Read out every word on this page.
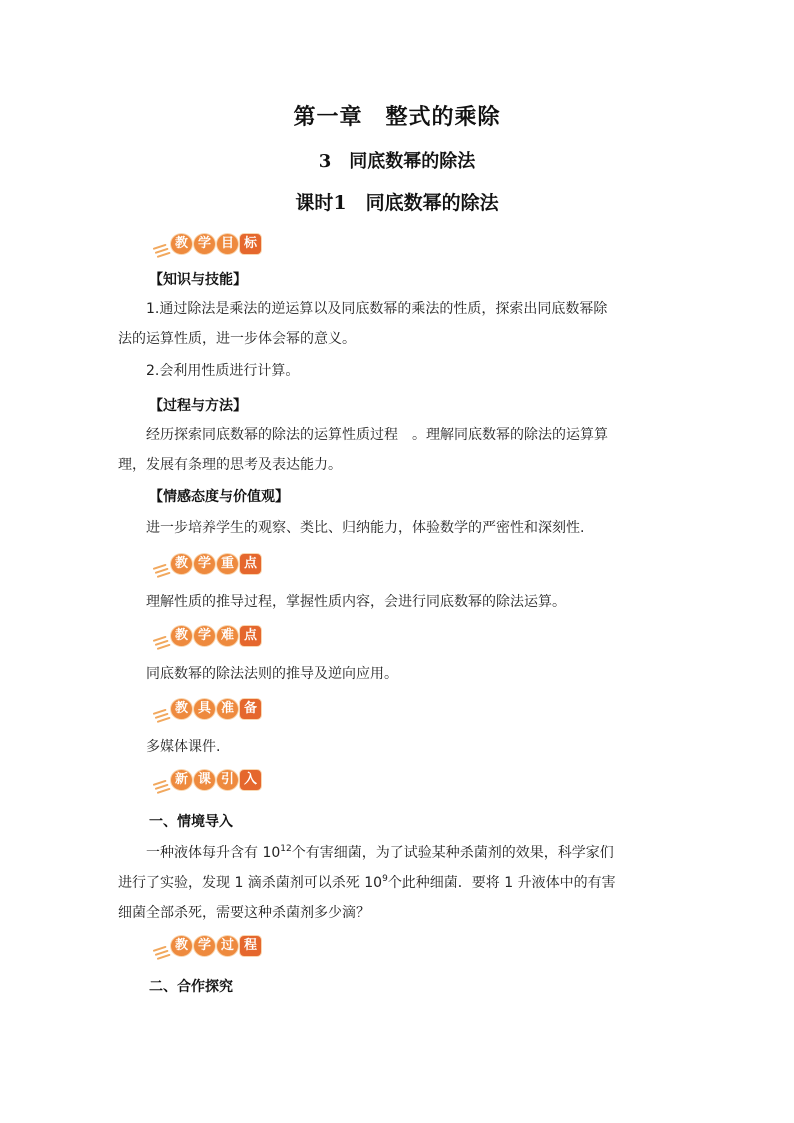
第一章　整式的乘除
3　同底数幂的除法
课时1　同底数幂的除法
教 学 目 标
【知识与技能】
1.通过除法是乘法的逆运算以及同底数幂的乘法的性质，探索出同底数幂除
法的运算性质，进一步体会幂的意义。
2.会利用性质进行计算。
【过程与方法】
经历探索同底数幂的除法的运算性质过程　。理解同底数幂的除法的运算算
理，发展有条理的思考及表达能力。
【情感态度与价值观】
进一步培养学生的观察、类比、归纳能力，体验数学的严密性和深刻性.
教 学 重 点
理解性质的推导过程，掌握性质内容，会进行同底数幂的除法运算。
教 学 难 点
同底数幂的除法法则的推导及逆向应用。
教 具 准 备
多媒体课件.
新 课 引 入
一、情境导入
一种液体每升含有 $10^{12}$个有害细菌，为了试验某种杀菌剂的效果，科学家们
进行了实验，发现 1 滴杀菌剂可以杀死 $10^9$个此种细菌．要将 1 升液体中的有害
细菌全部杀死，需要这种杀菌剂多少滴？
教 学 过 程
二、合作探究
